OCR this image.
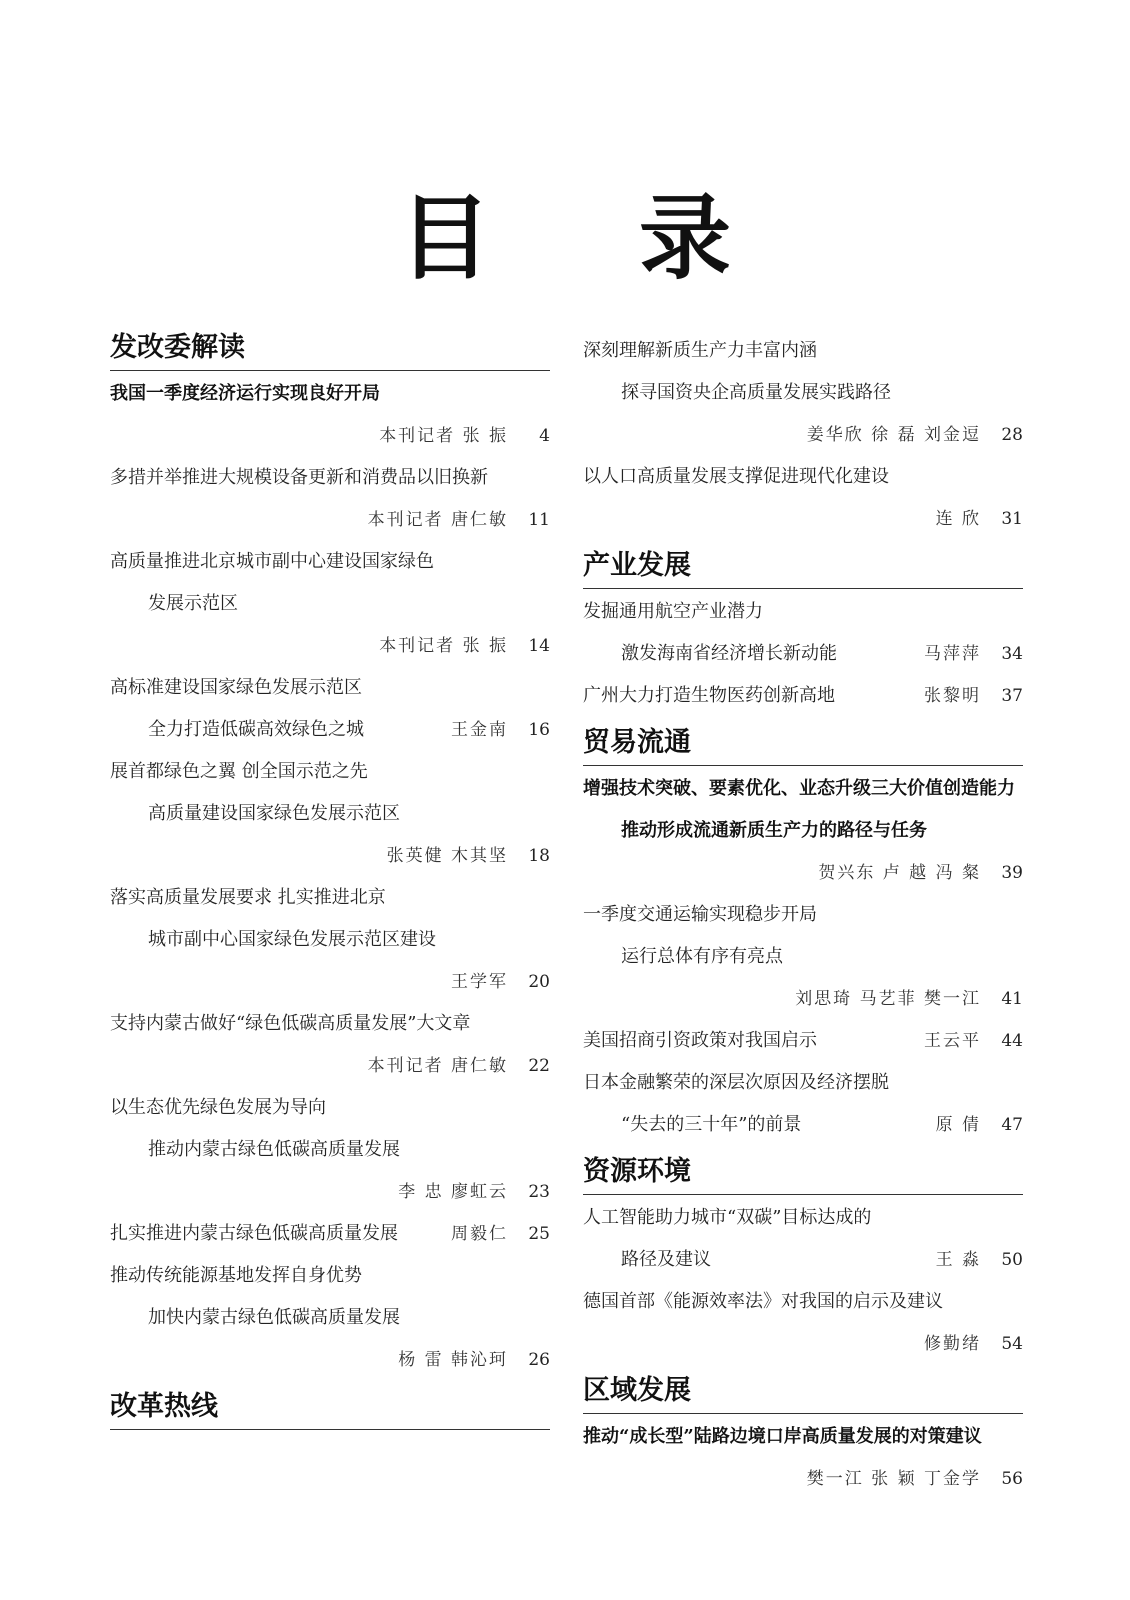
目 录
发改委解读
我国一季度经济运行实现良好开局
本刊记者 张 振	4
多措并举推进大规模设备更新和消费品以旧换新
本刊记者 唐仁敏	11
高质量推进北京城市副中心建设国家绿色
发展示范区
本刊记者 张 振	14
高标准建设国家绿色发展示范区
全力打造低碳高效绿色之城	王金南	16
展首都绿色之翼 创全国示范之先
高质量建设国家绿色发展示范区
张英健 木其坚	18
落实高质量发展要求 扎实推进北京
城市副中心国家绿色发展示范区建设
王学军	20
支持内蒙古做好“绿色低碳高质量发展”大文章
本刊记者 唐仁敏	22
以生态优先绿色发展为导向
推动内蒙古绿色低碳高质量发展
李 忠 廖虹云	23
扎实推进内蒙古绿色低碳高质量发展	周毅仁	25
推动传统能源基地发挥自身优势
加快内蒙古绿色低碳高质量发展
杨 雷 韩沁珂	26
改革热线
深刻理解新质生产力丰富内涵
探寻国资央企高质量发展实践路径
姜华欣 徐 磊 刘金逗	28
以人口高质量发展支撑促进现代化建设
连 欣	31
产业发展
发掘通用航空产业潜力
激发海南省经济增长新动能	马萍萍	34
广州大力打造生物医药创新高地	张黎明	37
贸易流通
增强技术突破、要素优化、业态升级三大价值创造能力
推动形成流通新质生产力的路径与任务
贺兴东 卢 越 冯 粲	39
一季度交通运输实现稳步开局
运行总体有序有亮点
刘思琦 马艺菲 樊一江	41
美国招商引资政策对我国启示	王云平	44
日本金融繁荣的深层次原因及经济摆脱
“失去的三十年”的前景	原 倩	47
资源环境
人工智能助力城市“双碳”目标达成的
路径及建议	王 淼	50
德国首部《能源效率法》对我国的启示及建议
修勤绪	54
区域发展
推动“成长型”陆路边境口岸高质量发展的对策建议
樊一江 张 颖 丁金学	56
